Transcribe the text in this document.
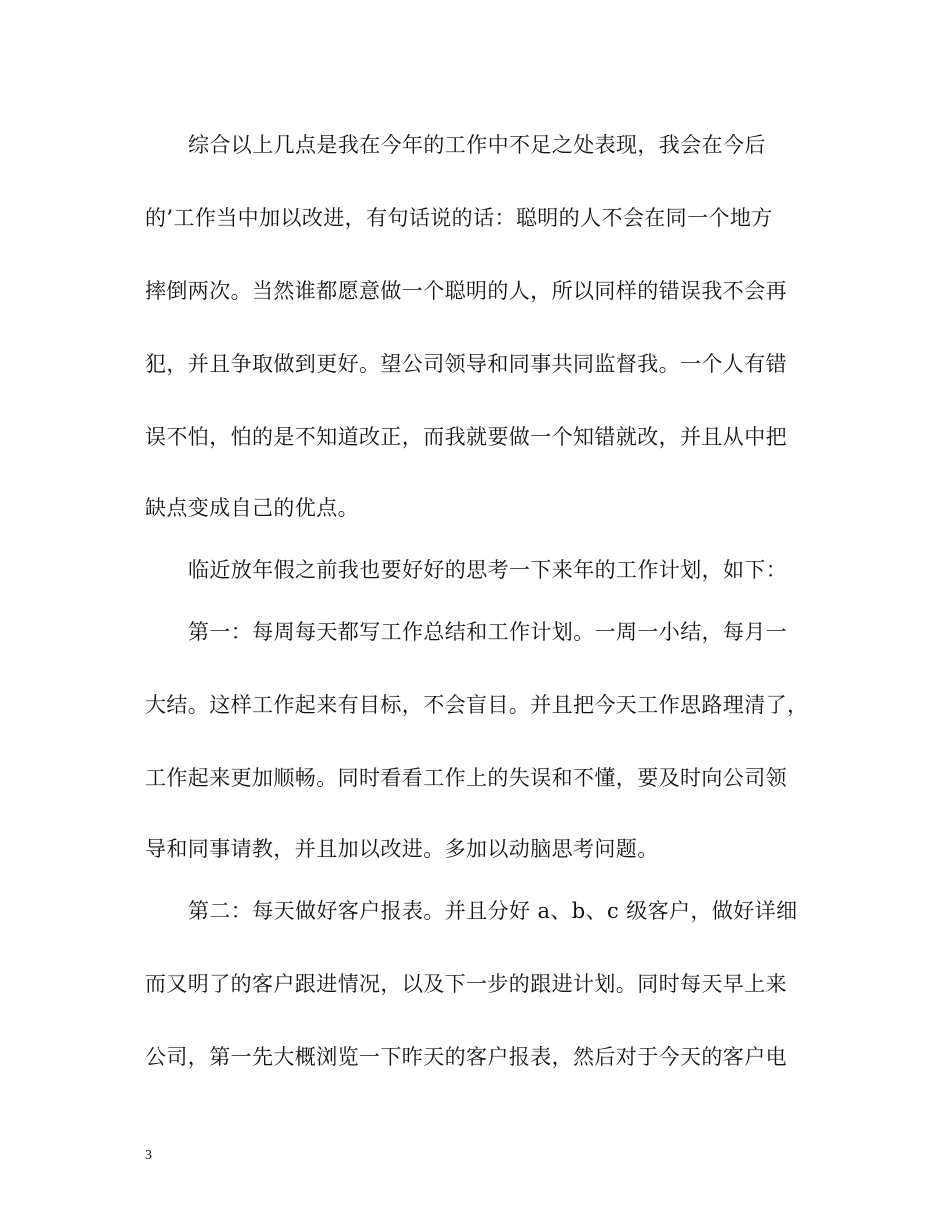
综合以上几点是我在今年的工作中不足之处表现，我会在今后
的’工作当中加以改进，有句话说的话：聪明的人不会在同一个地方
摔倒两次。当然谁都愿意做一个聪明的人，所以同样的错误我不会再
犯，并且争取做到更好。望公司领导和同事共同监督我。一个人有错
误不怕，怕的是不知道改正，而我就要做一个知错就改，并且从中把
缺点变成自己的优点。
临近放年假之前我也要好好的思考一下来年的工作计划，如下：
第一：每周每天都写工作总结和工作计划。一周一小结，每月一
大结。这样工作起来有目标，不会盲目。并且把今天工作思路理清了，
工作起来更加顺畅。同时看看工作上的失误和不懂，要及时向公司领
导和同事请教，并且加以改进。多加以动脑思考问题。
第二：每天做好客户报表。并且分好 a、b、c 级客户，做好详细
而又明了的客户跟进情况，以及下一步的跟进计划。同时每天早上来
公司，第一先大概浏览一下昨天的客户报表，然后对于今天的客户电
3
